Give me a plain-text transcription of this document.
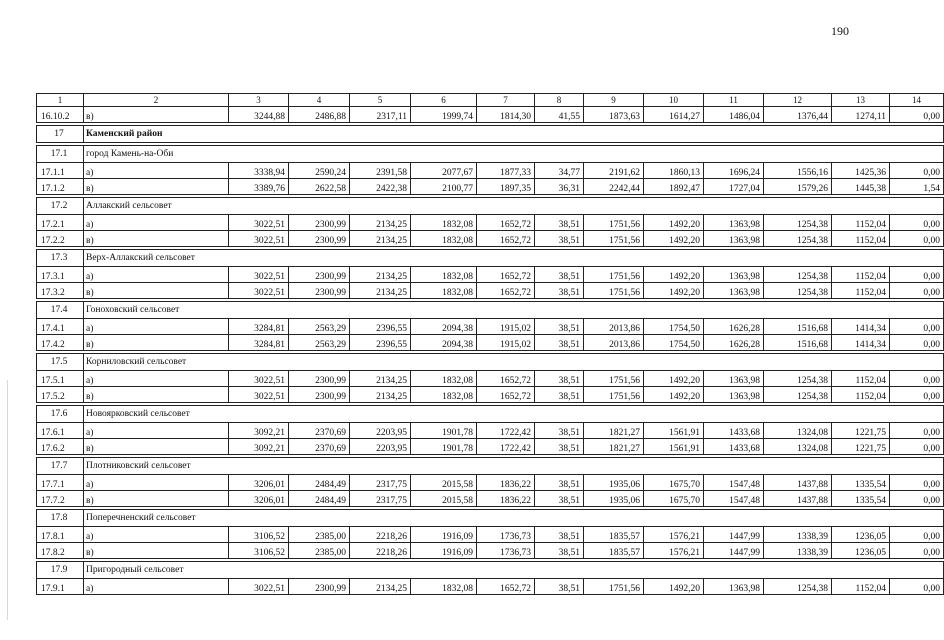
190
1	2	3	4	5	6	7	8	9	10	11	12	13	14
16.10.2	в)	3244,88	2486,88	2317,11	1999,74	1814,30	41,55	1873,63	1614,27	1486,04	1376,44	1274,11	0,00

17	Каменский район												

17.1	город Камень-на-Оби												
17.1.1	а)	3338,94	2590,24	2391,58	2077,67	1877,33	34,77	2191,62	1860,13	1696,24	1556,16	1425,36	0,00
17.1.2	в)	3389,76	2622,58	2422,38	2100,77	1897,35	36,31	2242,44	1892,47	1727,04	1579,26	1445,38	1,54

17.2	Аллакский сельсовет												
17.2.1	а)	3022,51	2300,99	2134,25	1832,08	1652,72	38,51	1751,56	1492,20	1363,98	1254,38	1152,04	0,00
17.2.2	в)	3022,51	2300,99	2134,25	1832,08	1652,72	38,51	1751,56	1492,20	1363,98	1254,38	1152,04	0,00

17.3	Верх-Аллакский сельсовет												
17.3.1	а)	3022,51	2300,99	2134,25	1832,08	1652,72	38,51	1751,56	1492,20	1363,98	1254,38	1152,04	0,00
17.3.2	в)	3022,51	2300,99	2134,25	1832,08	1652,72	38,51	1751,56	1492,20	1363,98	1254,38	1152,04	0,00

17.4	Гоноховский сельсовет												
17.4.1	а)	3284,81	2563,29	2396,55	2094,38	1915,02	38,51	2013,86	1754,50	1626,28	1516,68	1414,34	0,00
17.4.2	в)	3284,81	2563,29	2396,55	2094,38	1915,02	38,51	2013,86	1754,50	1626,28	1516,68	1414,34	0,00

17.5	Корниловский сельсовет												
17.5.1	а)	3022,51	2300,99	2134,25	1832,08	1652,72	38,51	1751,56	1492,20	1363,98	1254,38	1152,04	0,00
17.5.2	в)	3022,51	2300,99	2134,25	1832,08	1652,72	38,51	1751,56	1492,20	1363,98	1254,38	1152,04	0,00

17.6	Новоярковский сельсовет												
17.6.1	а)	3092,21	2370,69	2203,95	1901,78	1722,42	38,51	1821,27	1561,91	1433,68	1324,08	1221,75	0,00
17.6.2	в)	3092,21	2370,69	2203,95	1901,78	1722,42	38,51	1821,27	1561,91	1433,68	1324,08	1221,75	0,00

17.7	Плотниковский сельсовет												
17.7.1	а)	3206,01	2484,49	2317,75	2015,58	1836,22	38,51	1935,06	1675,70	1547,48	1437,88	1335,54	0,00
17.7.2	в)	3206,01	2484,49	2317,75	2015,58	1836,22	38,51	1935,06	1675,70	1547,48	1437,88	1335,54	0,00

17.8	Поперечненский сельсовет												
17.8.1	а)	3106,52	2385,00	2218,26	1916,09	1736,73	38,51	1835,57	1576,21	1447,99	1338,39	1236,05	0,00
17.8.2	в)	3106,52	2385,00	2218,26	1916,09	1736,73	38,51	1835,57	1576,21	1447,99	1338,39	1236,05	0,00

17.9	Пригородный сельсовет												
17.9.1	а)	3022,51	2300,99	2134,25	1832,08	1652,72	38,51	1751,56	1492,20	1363,98	1254,38	1152,04	0,00
